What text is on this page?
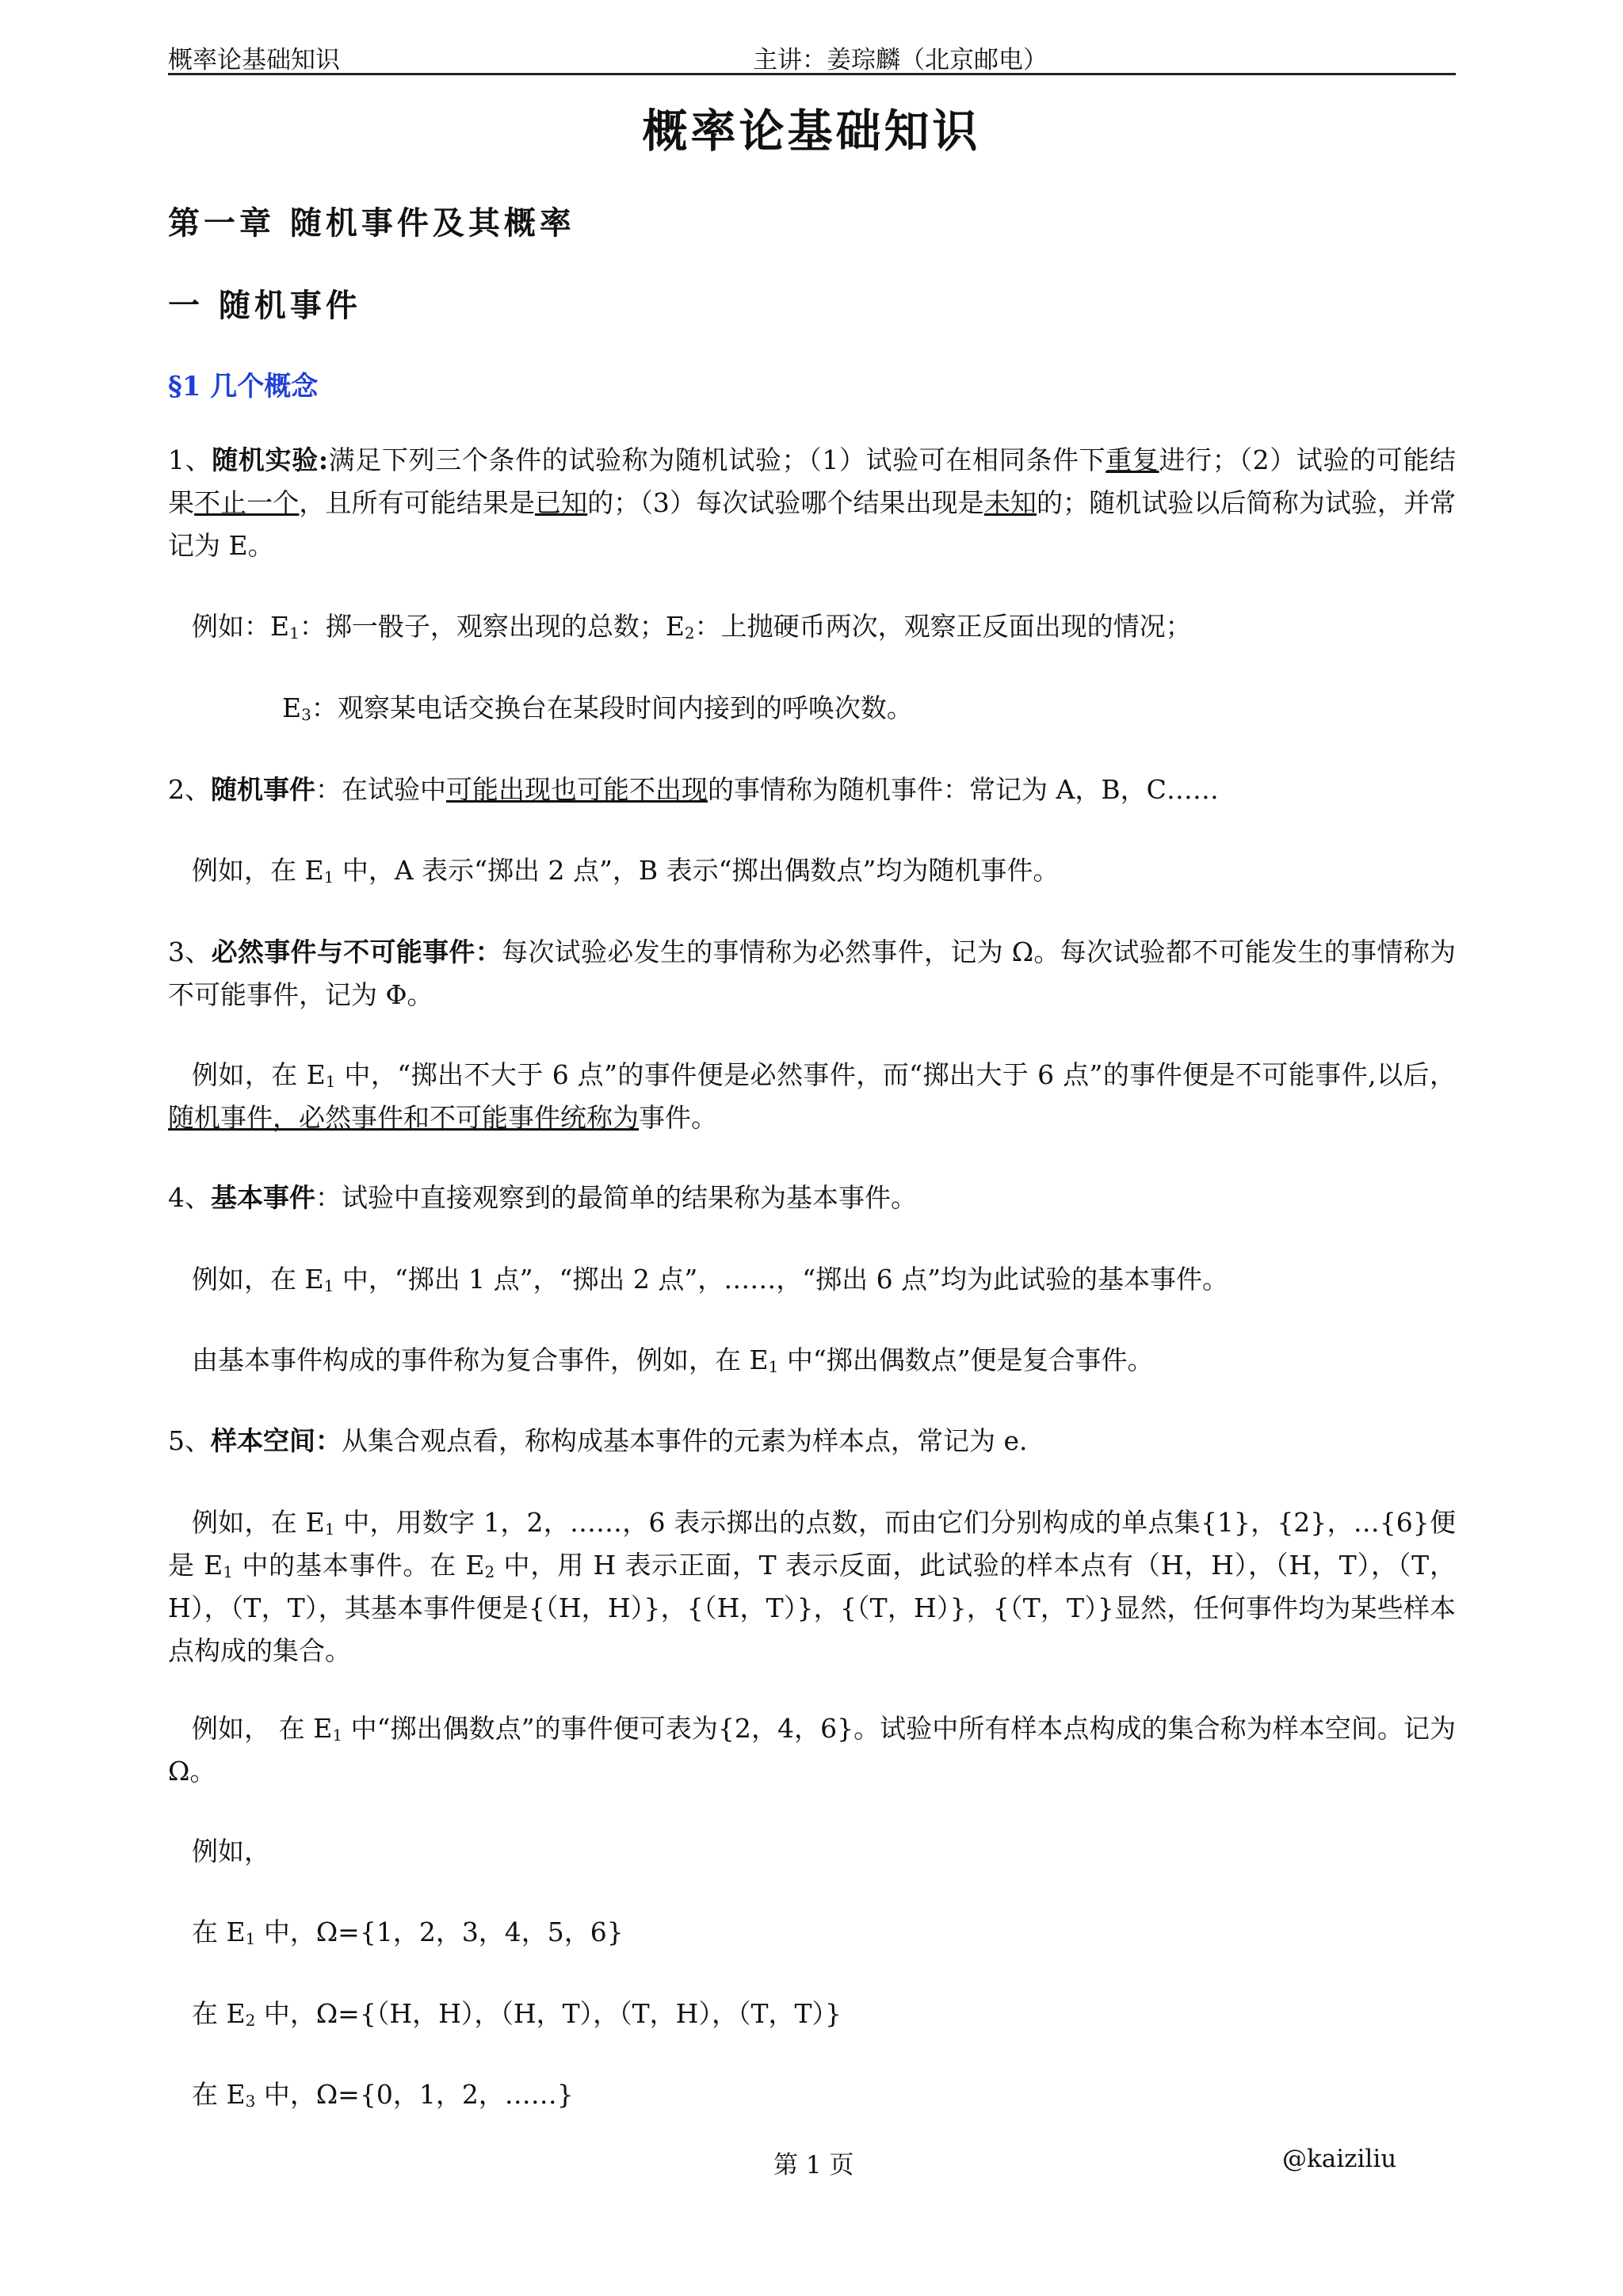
概率论基础知识	主讲：姜琮麟（北京邮电）
概率论基础知识
第一章 随机事件及其概率
一 随机事件
§1 几个概念
1、随机实验:满足下列三个条件的试验称为随机试验；（1）试验可在相同条件下重复进行；（2）试验的可能结果不止一个，且所有可能结果是已知的；（3）每次试验哪个结果出现是未知的；随机试验以后简称为试验，并常记为 E。
例如：$E_1$：掷一骰子，观察出现的总数；$E_2$：上抛硬币两次，观察正反面出现的情况；
$E_3$：观察某电话交换台在某段时间内接到的呼唤次数。
2、随机事件：在试验中可能出现也可能不出现的事情称为随机事件：常记为 A，B，C……
例如，在 $E_1$ 中，A 表示“掷出 2 点”，B 表示“掷出偶数点”均为随机事件。
3、必然事件与不可能事件：每次试验必发生的事情称为必然事件，记为 Ω。每次试验都不可能发生的事情称为不可能事件，记为 Φ。
例如，在 $E_1$ 中，“掷出不大于 6 点”的事件便是必然事件，而“掷出大于 6 点”的事件便是不可能事件,以后，随机事件，必然事件和不可能事件统称为事件。
4、基本事件：试验中直接观察到的最简单的结果称为基本事件。
例如，在 $E_1$ 中，“掷出 1 点”，“掷出 2 点”，……，“掷出 6 点”均为此试验的基本事件。
由基本事件构成的事件称为复合事件，例如，在 $E_1$ 中“掷出偶数点”便是复合事件。
5、样本空间：从集合观点看，称构成基本事件的元素为样本点，常记为 e.
例如，在 $E_1$ 中，用数字 1，2，……，6 表示掷出的点数，而由它们分别构成的单点集{1}，{2}，…{6}便是 $E_1$ 中的基本事件。在 $E_2$ 中，用 H 表示正面，T 表示反面，此试验的样本点有（H，H），（H，T），（T，H），（T，T），其基本事件便是{（H，H）}，{（H，T）}，{（T，H）}，{（T，T）}显然，任何事件均为某些样本点构成的集合。
例如， 在 $E_1$ 中“掷出偶数点”的事件便可表为{2，4，6}。试验中所有样本点构成的集合称为样本空间。记为 Ω。
例如，
在 $E_1$ 中，Ω={1，2，3，4，5，6}
在 $E_2$ 中，Ω={（H，H），（H，T），（T，H），（T，T）}
在 $E_3$ 中，Ω={0，1，2，……}
第 1 页	@kaiziliu
